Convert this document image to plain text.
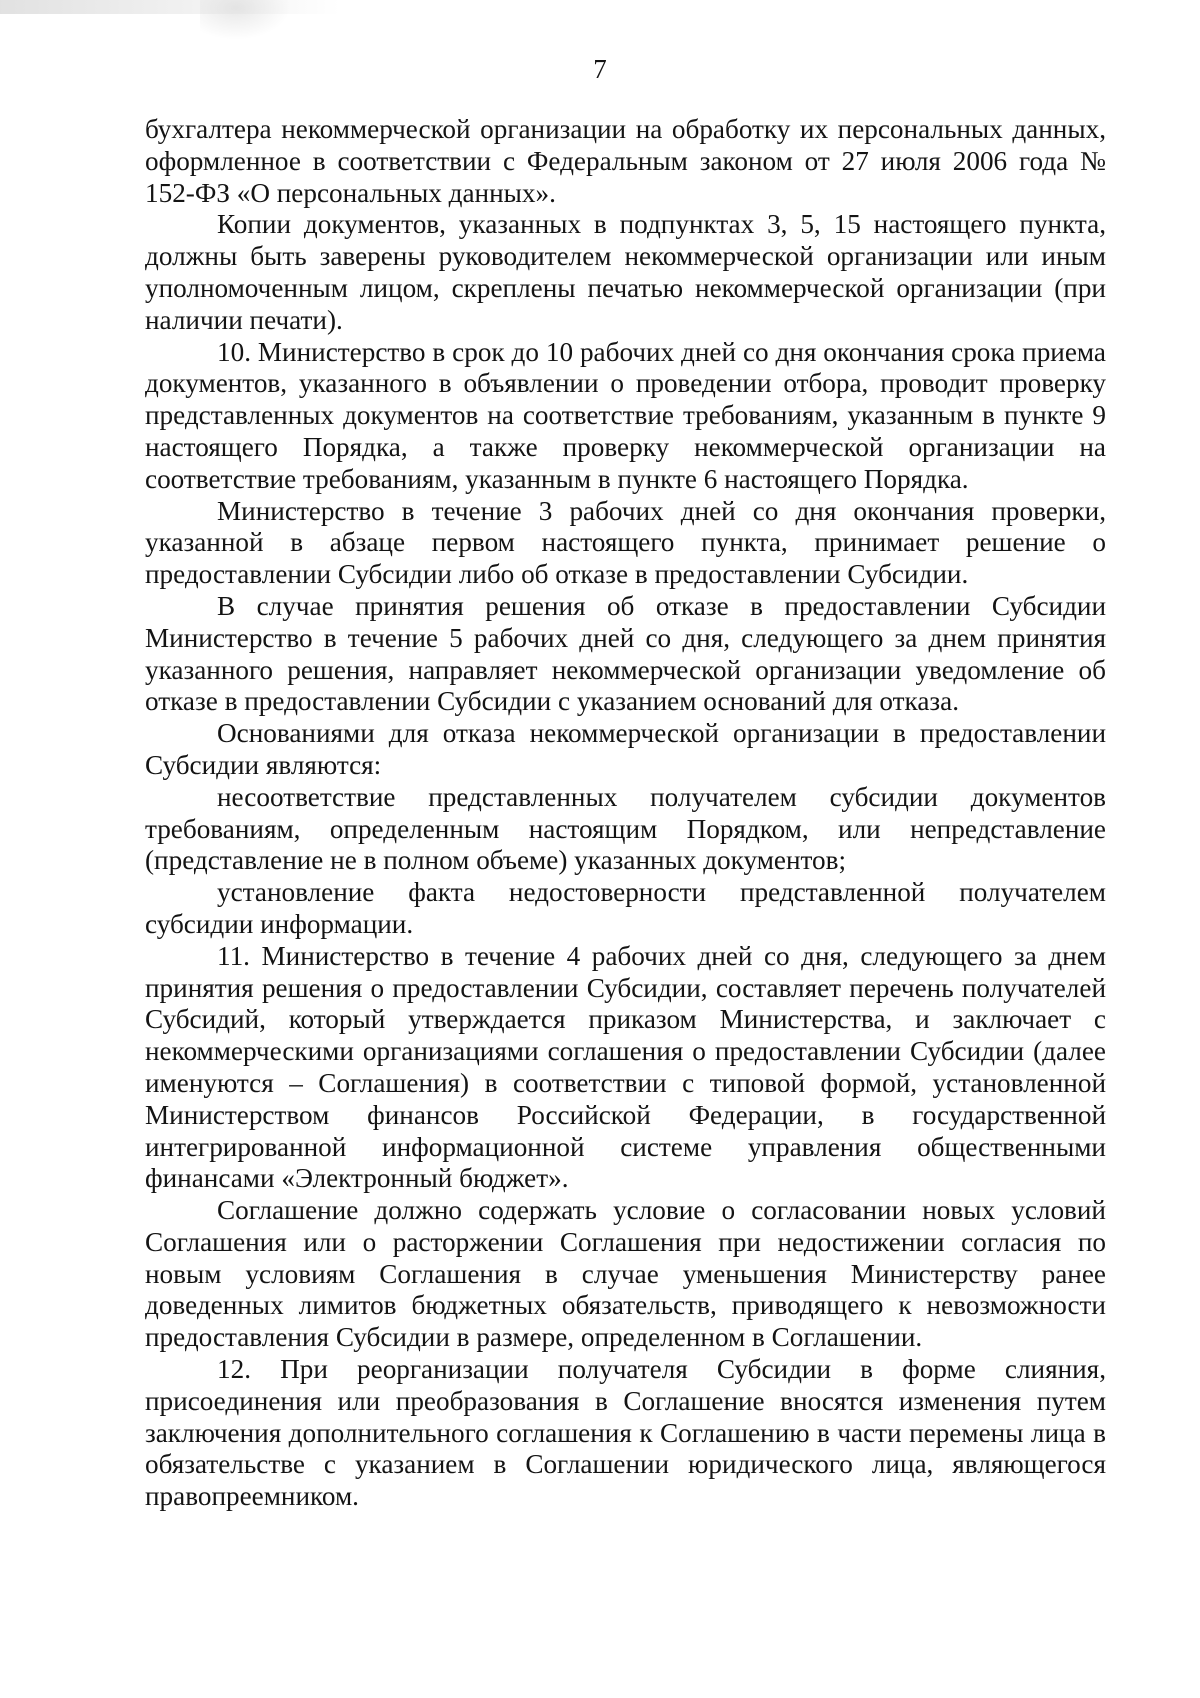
7

бухгалтера некоммерческой организации на обработку их персональных данных, оформленное в соответствии с Федеральным законом от 27 июля 2006 года № 152-ФЗ «О персональных данных».

Копии документов, указанных в подпунктах 3, 5, 15 настоящего пункта, должны быть заверены руководителем некоммерческой организации или иным уполномоченным лицом, скреплены печатью некоммерческой организации (при наличии печати).

10. Министерство в срок до 10 рабочих дней со дня окончания срока приема документов, указанного в объявлении о проведении отбора, проводит проверку представленных документов на соответствие требованиям, указанным в пункте 9 настоящего Порядка, а также проверку некоммерческой организации на соответствие требованиям, указанным в пункте 6 настоящего Порядка.

Министерство в течение 3 рабочих дней со дня окончания проверки, указанной в абзаце первом настоящего пункта, принимает решение о предоставлении Субсидии либо об отказе в предоставлении Субсидии.

В случае принятия решения об отказе в предоставлении Субсидии Министерство в течение 5 рабочих дней со дня, следующего за днем принятия указанного решения, направляет некоммерческой организации уведомление об отказе в предоставлении Субсидии с указанием оснований для отказа.

Основаниями для отказа некоммерческой организации в предоставлении Субсидии являются:

несоответствие представленных получателем субсидии документов требованиям, определенным настоящим Порядком, или непредставление (представление не в полном объеме) указанных документов;

установление факта недостоверности представленной получателем субсидии информации.

11. Министерство в течение 4 рабочих дней со дня, следующего за днем принятия решения о предоставлении Субсидии, составляет перечень получателей Субсидий, который утверждается приказом Министерства, и заключает с некоммерческими организациями соглашения о предоставлении Субсидии (далее именуются – Соглашения) в соответствии с типовой формой, установленной Министерством финансов Российской Федерации, в государственной интегрированной информационной системе управления общественными финансами «Электронный бюджет».

Соглашение должно содержать условие о согласовании новых условий Соглашения или о расторжении Соглашения при недостижении согласия по новым условиям Соглашения в случае уменьшения Министерству ранее доведенных лимитов бюджетных обязательств, приводящего к невозможности предоставления Субсидии в размере, определенном в Соглашении.

12. При реорганизации получателя Субсидии в форме слияния, присоединения или преобразования в Соглашение вносятся изменения путем заключения дополнительного соглашения к Соглашению в части перемены лица в обязательстве с указанием в Соглашении юридического лица, являющегося правопреемником.
